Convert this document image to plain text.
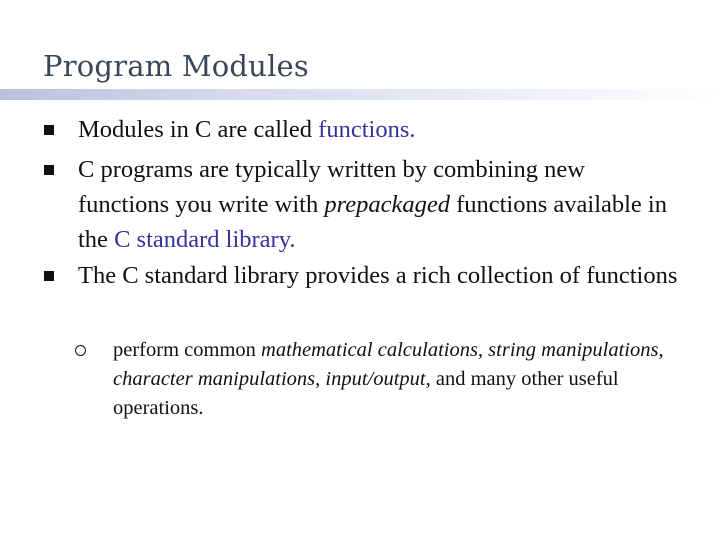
Program Modules
Modules in C are called functions.
C programs are typically written by combining new functions you write with prepackaged functions available in the C standard library.
The C standard library provides a rich collection of functions
perform common mathematical calculations, string manipulations, character manipulations, input/output, and many other useful operations.
